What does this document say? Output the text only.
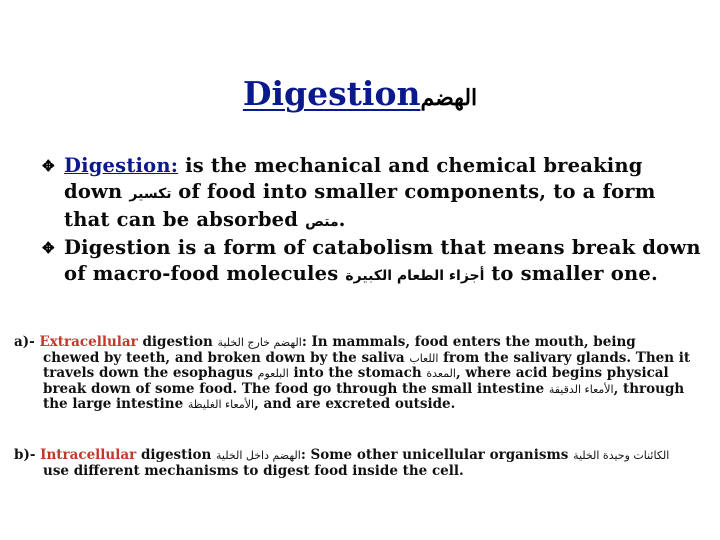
Digestionالهضم
✥ Digestion: is the mechanical and chemical breaking down تكسير of food into smaller components, to a form that can be absorbed متص.
✥ Digestion is a form of catabolism that means break down of macro-food molecules أجزاء الطعام الكبيرة to smaller one.
a)- Extracellular digestion الهضم خارج الخلية: In mammals, food enters the mouth, being chewed by teeth, and broken down by the saliva اللعاب from the salivary glands. Then it travels down the esophagus البلعوم into the stomach المعدة, where acid begins physical break down of some food. The food go through the small intestine الأمعاء الدقيقة, through the large intestine الأمعاء الغليظة, and are excreted outside.
b)- Intracellular digestion الهضم داخل الخلية: Some other unicellular organisms الكائنات وحيدة الخلية use different mechanisms to digest food inside the cell.
